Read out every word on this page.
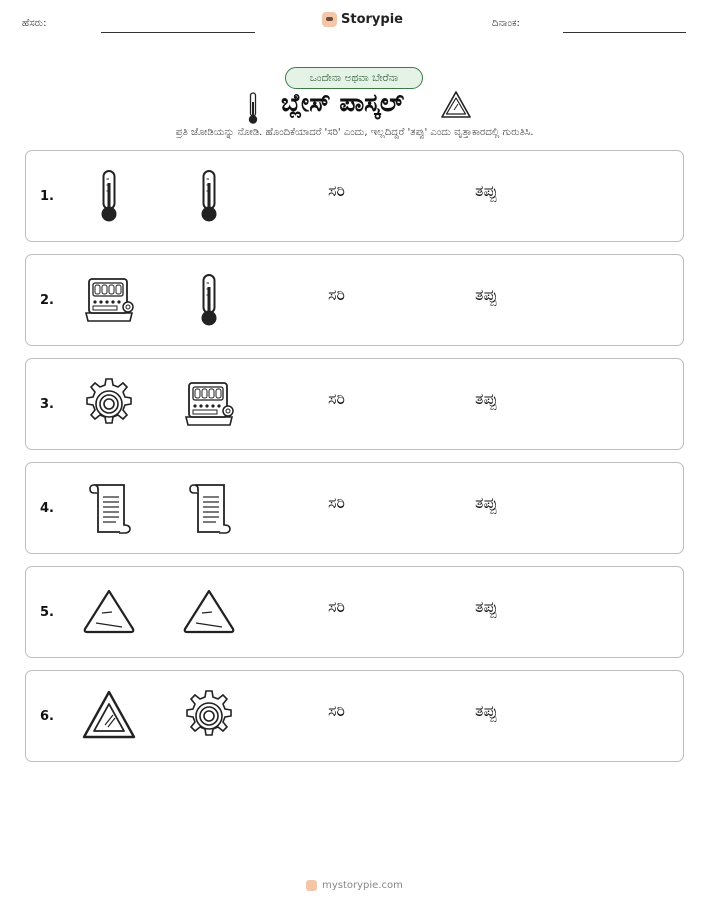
ಹೆಸರು:	Storypie	ದಿನಾಂಕ:
ಒಂದೇನಾ ಅಥವಾ ಬೇರೆನಾ
ಬ್ಲೇಸ್ ಪಾಸ್ಕಲ್
ಪ್ರತಿ ಜೋಡಿಯನ್ನು ನೋಡಿ. ಹೊಂದಿಕೆಯಾದರೆ 'ಸರಿ' ಎಂದು, ಇಲ್ಲದಿದ್ದರೆ 'ತಪ್ಪು' ಎಂದು ವೃತ್ತಾಕಾರದಲ್ಲಿ ಗುರುತಿಸಿ.
1.	ಸರಿ	ತಪ್ಪು
2.	ಸರಿ	ತಪ್ಪು
3.	ಸರಿ	ತಪ್ಪು
4.	ಸರಿ	ತಪ್ಪು
5.	ಸರಿ	ತಪ್ಪು
6.	ಸರಿ	ತಪ್ಪು
mystorypie.com
